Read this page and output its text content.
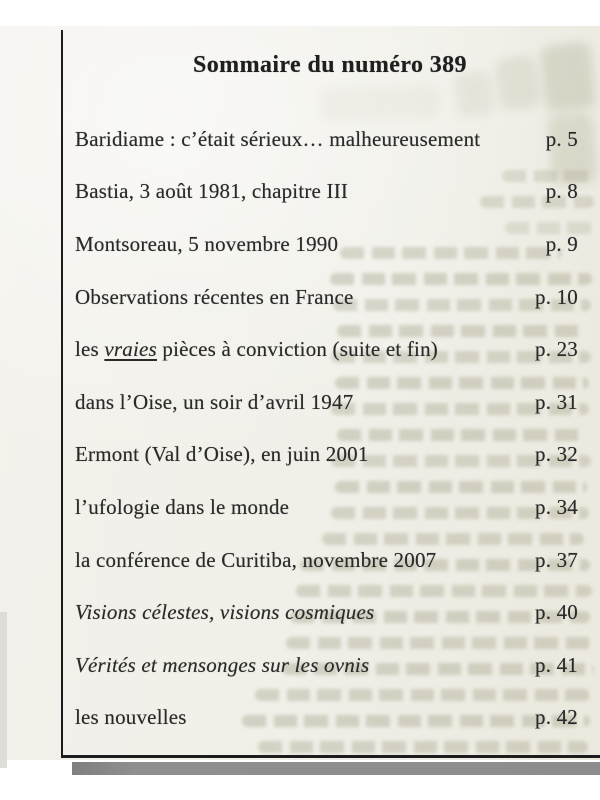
Sommaire du numéro 389
Baridiame : c’était sérieux… malheureusement	p. 5
Bastia, 3 août 1981, chapitre III	p. 8
Montsoreau, 5 novembre 1990	p. 9
Observations récentes en France	p. 10
les vraies pièces à conviction (suite et fin)	p. 23
dans l’Oise, un soir d’avril 1947	p. 31
Ermont (Val d’Oise), en juin 2001	p. 32
l’ufologie dans le monde	p. 34
la conférence de Curitiba, novembre 2007	p. 37
Visions célestes, visions cosmiques	p. 40
Vérités et mensonges sur les ovnis	p. 41
les nouvelles	p. 42
